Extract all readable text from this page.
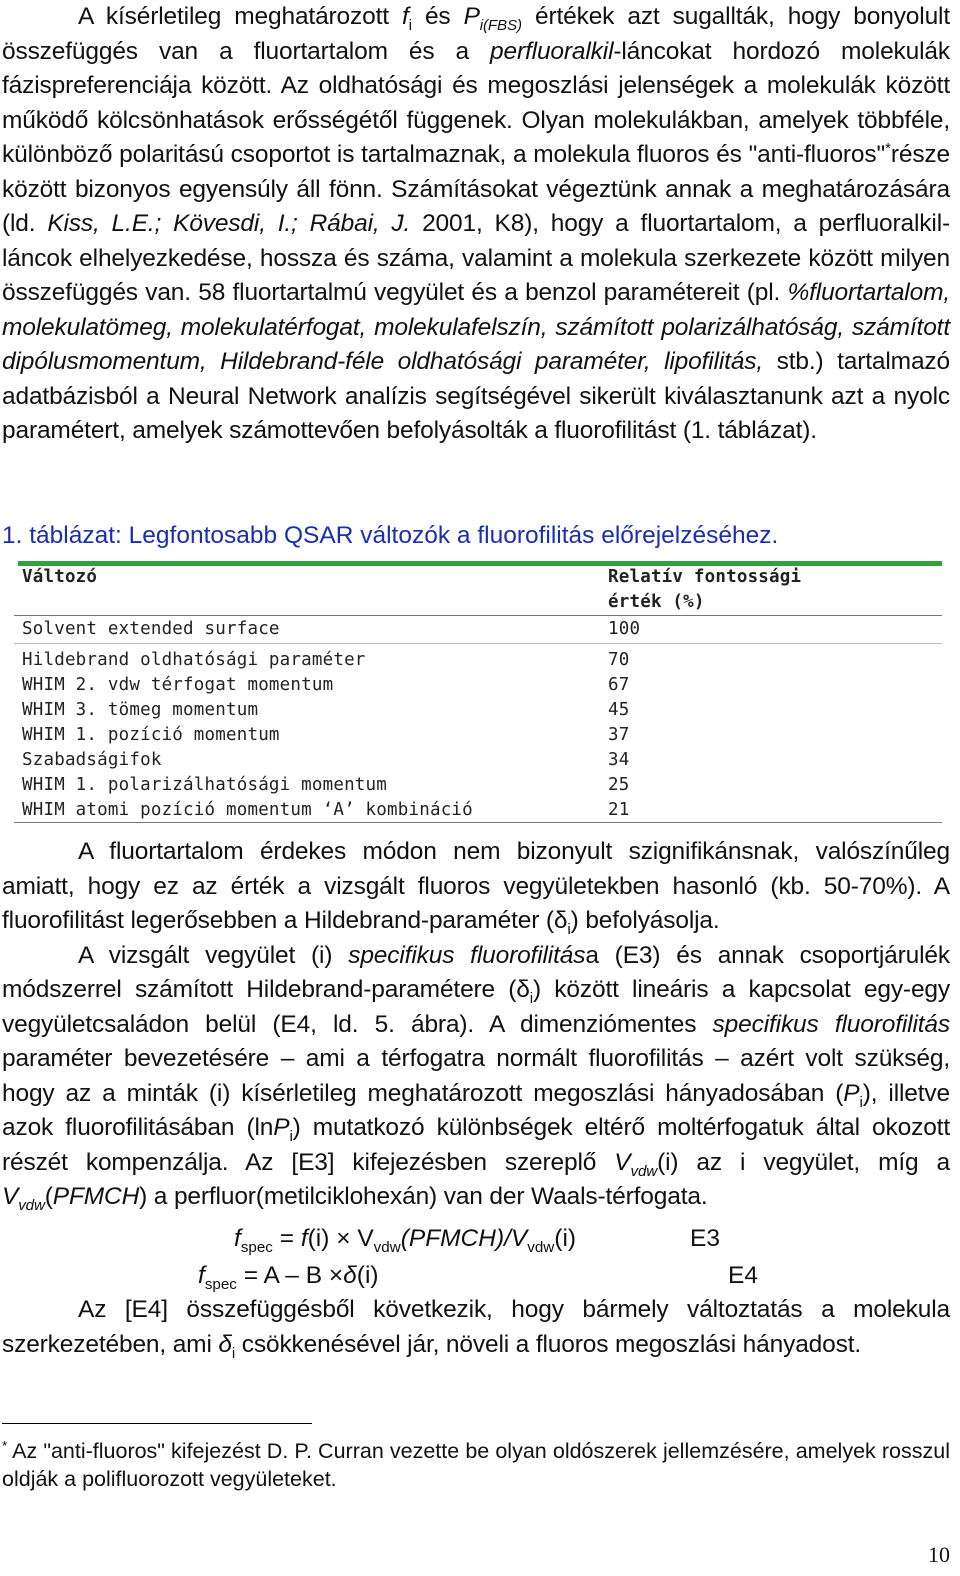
A kísérletileg meghatározott $f_i$ és $P_{i(FBS)}$ értékek azt sugallták, hogy bonyolult összefüggés van a fluortartalom és a perfluoralkil-láncokat hordozó molekulák fázispreferenciája között. Az oldhatósági és megoszlási jelenségek a molekulák között működő kölcsönhatások erősségétől függenek. Olyan molekulákban, amelyek többféle, különböző polaritású csoportot is tartalmaznak, a molekula fluoros és "anti-fluoros"*része között bizonyos egyensúly áll fönn. Számításokat végeztünk annak a meghatározására (ld. Kiss, L.E.; Kövesdi, I.; Rábai, J. 2001, K8), hogy a fluortartalom, a perfluoralkil-láncok elhelyezkedése, hossza és száma, valamint a molekula szerkezete között milyen összefüggés van. 58 fluortartalmú vegyület és a benzol paramétereit (pl. %fluortartalom, molekulatömeg, molekulatérfogat, molekulafelszín, számított polarizálhatóság, számított dipólusmomentum, Hildebrand-féle oldhatósági paraméter, lipofilitás, stb.) tartalmazó adatbázisból a Neural Network analízis segítségével sikerült kiválasztanunk azt a nyolc paramétert, amelyek számottevően befolyásolták a fluorofilitást (1. táblázat).

1. táblázat: Legfontosabb QSAR változók a fluorofilitás előrejelzéséhez.
Változó	Relatív fontossági
érték (%)
Solvent extended surface	100
Hildebrand oldhatósági paraméter	70
WHIM 2. vdw térfogat momentum	67
WHIM 3. tömeg momentum	45
WHIM 1. pozíció momentum	37
Szabadságifok	34
WHIM 1. polarizálhatósági momentum	25
WHIM atomi pozíció momentum ‘A’ kombináció	21

A fluortartalom érdekes módon nem bizonyult szignifikánsnak, valószínűleg amiatt, hogy ez az érték a vizsgált fluoros vegyületekben hasonló (kb. 50-70%). A fluorofilitást legerősebben a Hildebrand-paraméter $(\delta_i)$ befolyásolja.

A vizsgált vegyület (i) specifikus fluorofilitása (E3) és annak csoportjárulék módszerrel számított Hildebrand-paramétere $(\delta_i)$ között lineáris a kapcsolat egy-egy vegyületcsaládon belül (E4, ld. 5. ábra). A dimenziómentes specifikus fluorofilitás paraméter bevezetésére – ami a térfogatra normált fluorofilitás – azért volt szükség, hogy az a minták (i) kísérletileg meghatározott megoszlási hányadosában $(P_i)$, illetve azok fluorofilitásában (lnP$_i$) mutatkozó különbségek eltérő moltérfogatuk által okozott részét kompenzálja. Az [E3] kifejezésben szereplő $V_{vdw}(i)$ az i vegyület, míg a $V_{vdw}(PFMCH)$ a perfluor(metilciklohexán) van der Waals-térfogata.

$f_{spec} = f(i)$ × $V_{vdw}(PFMCH)/V_{vdw}(i)$	E3
$f_{spec} = A - B \times\delta(i)$	E4

Az [E4] összefüggésből következik, hogy bármely változtatás a molekula szerkezetében, ami $\delta_i$ csökkenésével jár, növeli a fluoros megoszlási hányadost.

* Az "anti-fluoros" kifejezést D. P. Curran vezette be olyan oldószerek jellemzésére, amelyek rosszul oldják a polifluorozott vegyületeket.

10
